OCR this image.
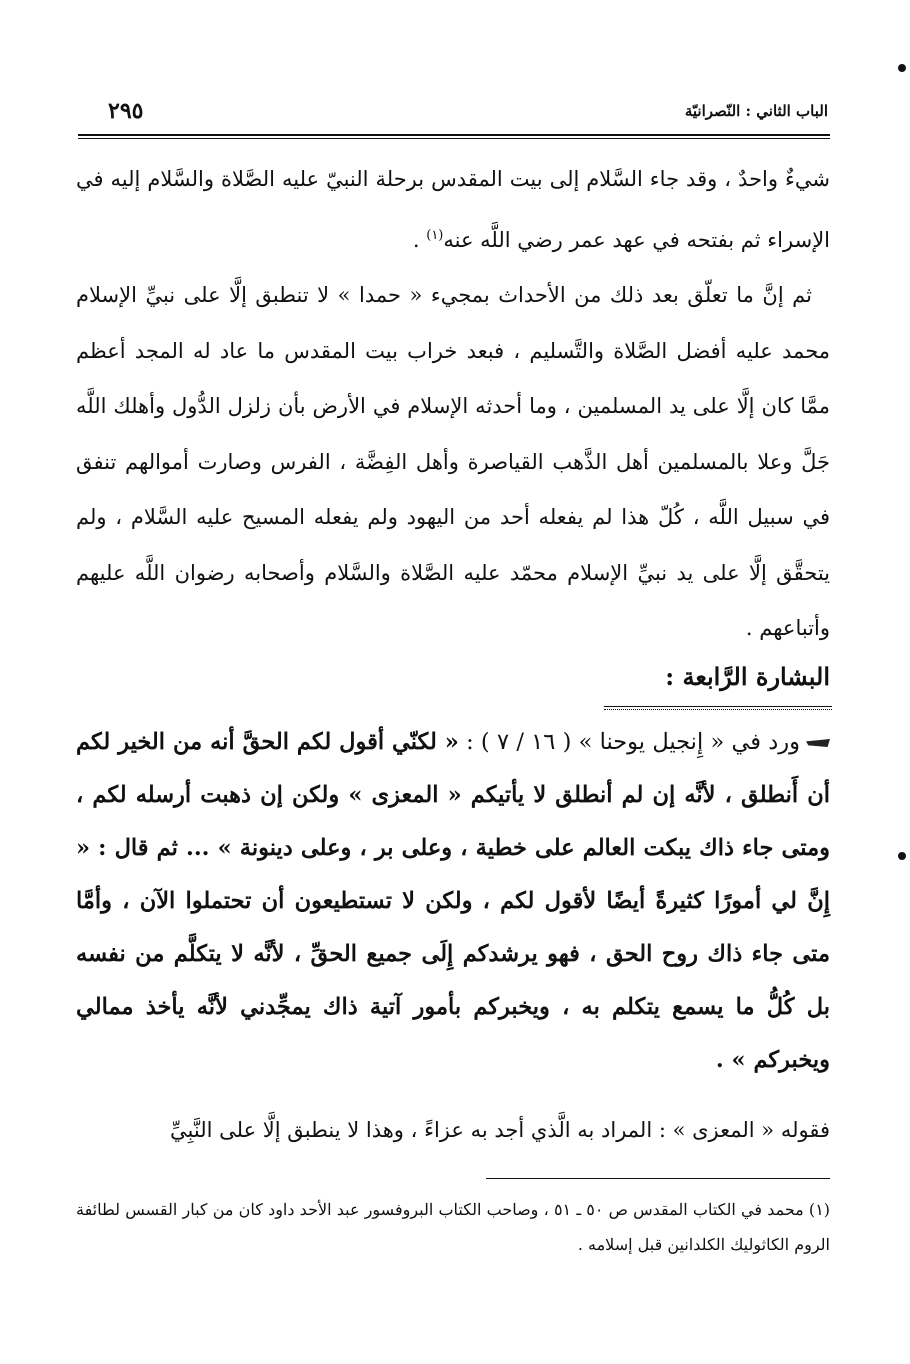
٢٩٥	الباب الثاني : النّصرانيّة

شيءٌ واحدٌ ، وقد جاء السَّلام إلى بيت المقدس برحلة النبيّ عليه الصَّلاة والسَّلام إليه في الإسراء ثم بفتحه في عهد عمر رضي اللَّه عنه$^{(١)}$ .

ثم إنَّ ما تعلّق بعد ذلك من الأحداث بمجيء « حمدا » لا تنطبق إلَّا على نبيِّ الإسلام محمد عليه أفضل الصَّلاة والتَّسليم ، فبعد خراب بيت المقدس ما عاد له المجد أعظم ممَّا كان إلَّا على يد المسلمين ، وما أحدثه الإسلام في الأرض بأن زلزل الدُّول وأهلك اللَّه جَلَّ وعلا بالمسلمين أهل الذَّهب القياصرة وأهل الفِضَّة ، الفرس وصارت أموالهم تنفق في سبيل اللَّه ، كُلّ هذا لم يفعله أحد من اليهود ولم يفعله المسيح عليه السَّلام ، ولم يتحقَّق إلَّا على يد نبيِّ الإسلام محمّد عليه الصَّلاة والسَّلام وأصحابه رضوان اللَّه عليهم وأتباعهم .

البشارة الرَّابعة :

ورد في « إِنجيل يوحنا » ( ١٦ / ٧ ) : « لكنّي أقول لكم الحقَّ أنه من الخير لكم أن أَنطلق ، لأنَّه إن لم أنطلق لا يأتيكم « المعزى » ولكن إن ذهبت أرسله لكم ، ومتى جاء ذاك يبكت العالم على خطية ، وعلى بر ، وعلى دينونة » ... ثم قال : « إِنَّ لي أمورًا كثيرةً أيضًا لأقول لكم ، ولكن لا تستطيعون أن تحتملوا الآن ، وأمَّا متى جاء ذاك روح الحق ، فهو يرشدكم إِلَى جميع الحقِّ ، لأنَّه لا يتكلَّم من نفسه بل كُلُّ ما يسمع يتكلم به ، ويخبركم بأمور آتية ذاك يمجِّدني لأنَّه يأخذ ممالي ويخبركم » .

فقوله « المعزى » : المراد به الَّذي أجد به عزاءً ، وهذا لا ينطبق إلَّا على النَّبِيِّ

(١) محمد في الكتاب المقدس ص ٥٠ ـ ٥١ ، وصاحب الكتاب البروفسور عبد الأحد داود كان من كبار القسس لطائفة الروم الكاثوليك الكلدانين قبل إسلامه .
